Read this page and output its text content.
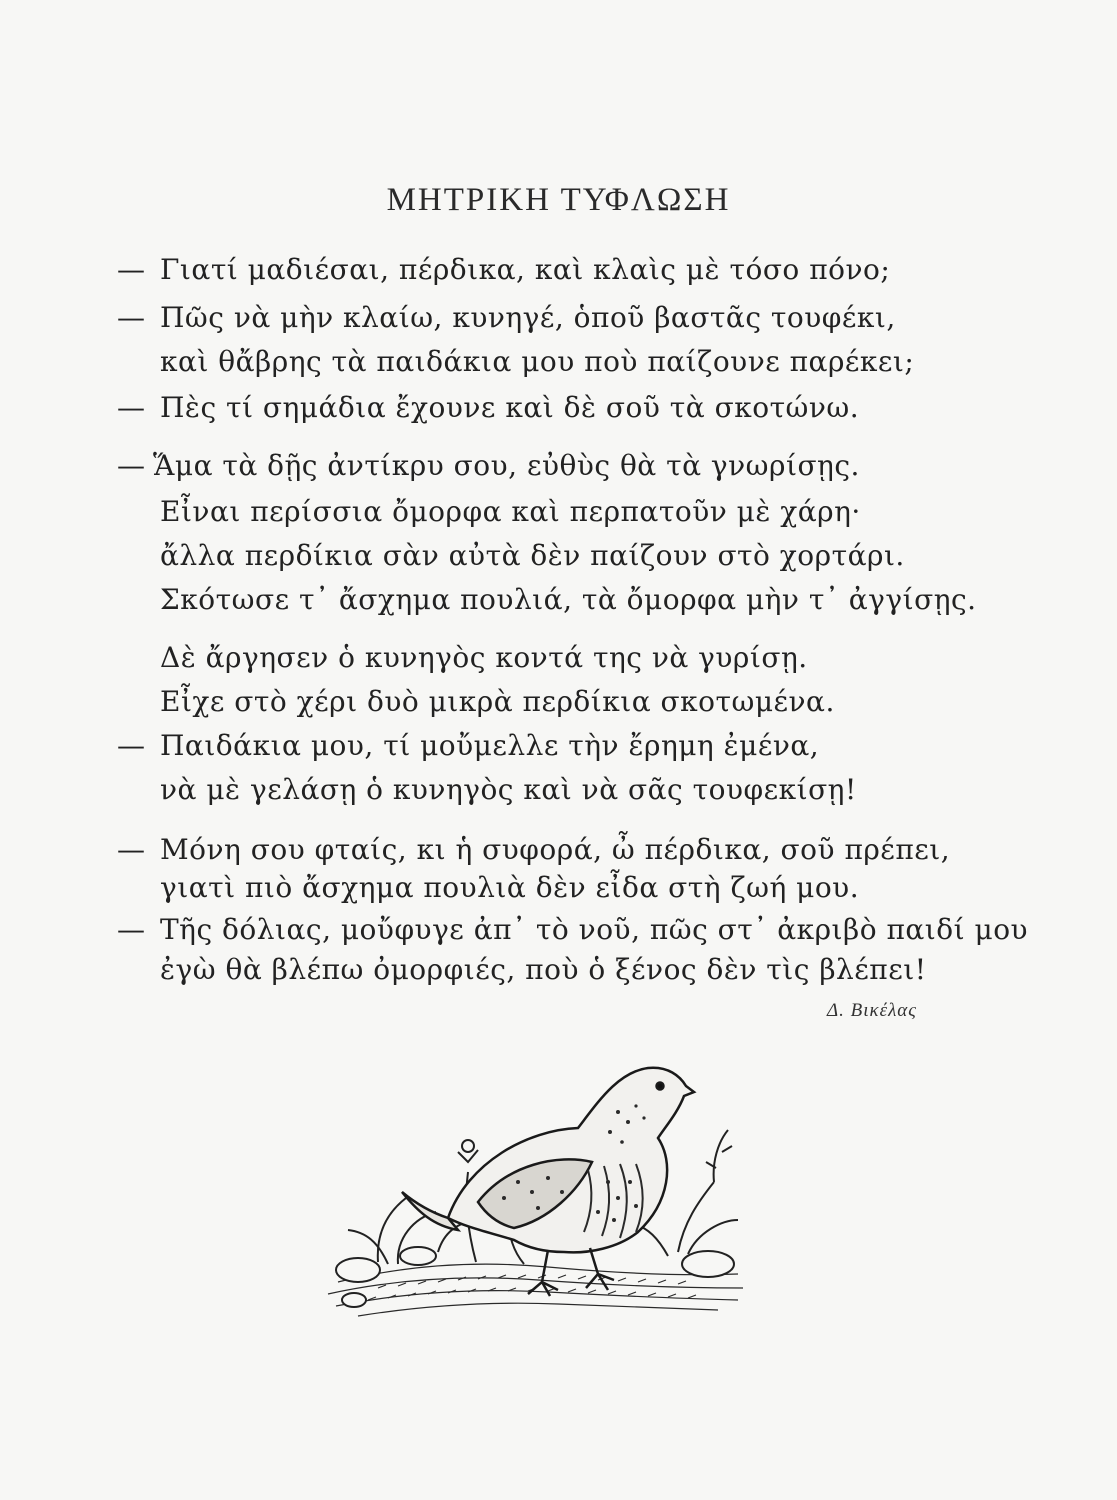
ΜΗΤΡΙΚΗ ΤΥΦΛΩΣΗ
— Γιατί μαδιέσαι, πέρδικα, καὶ κλαὶς μὲ τόσο πόνο;
— Πῶς νὰ μὴν κλαίω, κυνηγέ, ὁποῦ βαστᾶς τουφέκι,
καὶ θἄβρης τὰ παιδάκια μου ποὺ παίζουνε παρέκει;
— Πὲς τί σημάδια ἔχουνε καὶ δὲ σοῦ τὰ σκοτώνω.
— Ἅμα τὰ δῇς ἀντίκρυ σου, εὐθὺς θὰ τὰ γνωρίσῃς.
Εἶναι περίσσια ὄμορφα καὶ περπατοῦν μὲ χάρη·
ἄλλα περδίκια σὰν αὐτὰ δὲν παίζουν στὸ χορτάρι.
Σκότωσε τ᾽ ἄσχημα πουλιά, τὰ ὄμορφα μὴν τ᾽ ἀγγίσῃς.
Δὲ ἄργησεν ὁ κυνηγὸς κοντά της νὰ γυρίσῃ.
Εἶχε στὸ χέρι δυὸ μικρὰ περδίκια σκοτωμένα.
— Παιδάκια μου, τί μοὔμελλε τὴν ἔρημη ἐμένα,
νὰ μὲ γελάσῃ ὁ κυνηγὸς καὶ νὰ σᾶς τουφεκίσῃ!
— Μόνη σου φταίς, κι ἡ συφορά, ὦ πέρδικα, σοῦ πρέπει,
γιατὶ πιὸ ἄσχημα πουλιὰ δὲν εἶδα στὴ ζωή μου.
— Τῆς δόλιας, μοὔφυγε ἀπ᾽ τὸ νοῦ, πῶς στ᾽ ἀκριβὸ παιδί μου
ἐγὼ θὰ βλέπω ὀμορφιές, ποὺ ὁ ξένος δὲν τὶς βλέπει!
Δ. Βικέλας
